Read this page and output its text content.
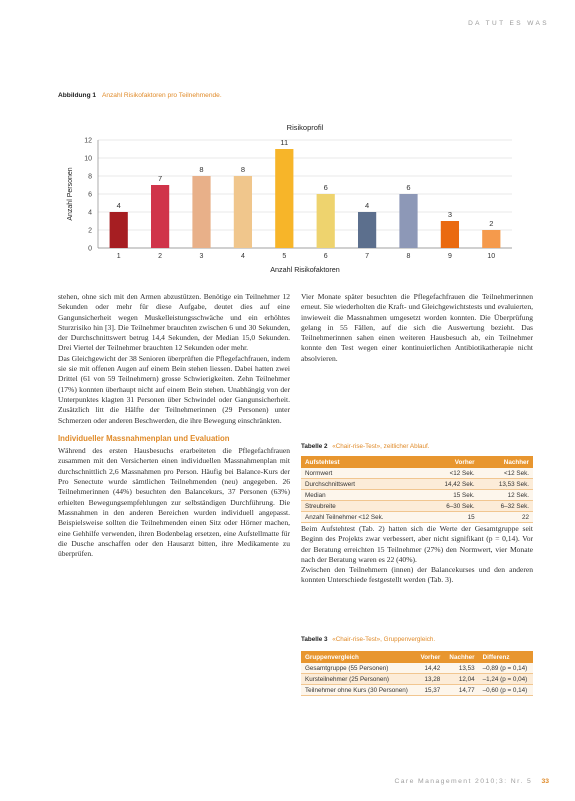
DA TUT ES WAS
Abbildung 1 Anzahl Risikofaktoren pro Teilnehmende.
0
2
4
6
8
10
12
4
1
7
2
8
3
8
4
11
5
6
6
4
7
6
8
3
9
2
10
Risikoprofil
Anzahl Risikofaktoren
Anzahl Personen

stehen, ohne sich mit den Armen abzustützen. Benötige ein Teilnehmer 12 Sekunden oder mehr für diese Aufgabe, deutet dies auf eine Gangunsicherheit wegen Muskelleistungsschwäche und ein erhöhtes Sturzrisiko hin [3]. Die Teilnehmer brauchten zwischen 6 und 30 Sekunden, der Durchschnittswert betrug 14,4 Sekunden, der Median 15,0 Sekunden. Drei Viertel der Teilnehmer brauchten 12 Sekunden oder mehr.

Das Gleichgewicht der 38 Senioren überprüften die Pflegefachfrauen, indem sie sie mit offenen Augen auf einem Bein stehen liessen. Dabei hatten zwei Drittel (61 von 59 Teilnehmern) grosse Schwierigkeiten. Zehn Teilnehmer (17%) konnten überhaupt nicht auf einem Bein stehen. Unabhängig von der Unterpunktes klagten 31 Personen über Schwindel oder Gangunsicherheit. Zusätzlich litt die Hälfte der Teilnehmerinnen (29 Personen) unter Schmerzen oder anderen Beschwerden, die ihre Bewegung einschränkten.

Individueller Massnahmenplan und Evaluation

Während des ersten Hausbesuchs erarbeiteten die Pflegefachfrauen zusammen mit den Versicherten einen individuellen Massnahmenplan mit durchschnittlich 2,6 Massnahmen pro Person. Häufig bei Balance-Kurs der Pro Senectute wurde sämtlichen Teilnehmenden (neu) angegeben. 26 Teilnehmerinnen (44%) besuchten den Balancekurs, 37 Personen (63%) erhielten Bewegungsempfehlungen zur selbständigen Durchführung. Die Massnahmen in den anderen Bereichen wurden individuell angepasst. Beispielsweise sollten die Teilnehmenden einen Sitz oder Hörner machen, eine Gehhilfe verwenden, ihren Bodenbelag ersetzen, eine Aufstellmatte für die Dusche anschaffen oder den Hausarzt bitten, ihre Medikamente zu überprüfen.

Vier Monate später besuchten die Pflegefachfrauen die Teilnehmerinnen erneut. Sie wiederholten die Kraft- und Gleichgewichtstests und evaluierten, inwieweit die Massnahmen umgesetzt worden konnten. Die Überprüfung gelang in 55 Fällen, auf die sich die Auswertung bezieht. Das Teilnehmerinnen sahen einen weiteren Hausbesuch ab, ein Teilnehmer konnte den Test wegen einer kontinuierlichen Antibiotikatherapie nicht absolvieren.

Tabelle 2 «Chair-rise-Test», zeitlicher Ablauf.
Aufstehtest	Vorher	Nachher
Normwert	<12 Sek.	<12 Sek.
Durchschnittswert	14,42 Sek.	13,53 Sek.
Median	15 Sek.	12 Sek.
Streubreite	6–30 Sek.	6–32 Sek.
Anzahl Teilnehmer <12 Sek.	15	22

Beim Aufstehtest (Tab. 2) hatten sich die Werte der Gesamtgruppe seit Beginn des Projekts zwar verbessert, aber nicht signifikant (p = 0,14). Vor der Beratung erreichten 15 Teilnehmer (27%) den Normwert, vier Monate nach der Beratung waren es 22 (40%).

Zwischen den Teilnehmern (innen) der Balancekurses und den anderen konnten Unterschiede festgestellt werden (Tab. 3).

Tabelle 3 «Chair-rise-Test», Gruppenvergleich.
Gruppenvergleich	Vorher	Nachher	Differenz
Gesamtgruppe (55 Personen)	14,42	13,53	–0,89 (p = 0,14)
Kursteilnehmer (25 Personen)	13,28	12,04	–1,24 (p = 0,04)
Teilnehmer ohne Kurs (30 Personen)	15,37	14,77	–0,60 (p = 0,14)
Care Management 2010;3: Nr. 5 33
